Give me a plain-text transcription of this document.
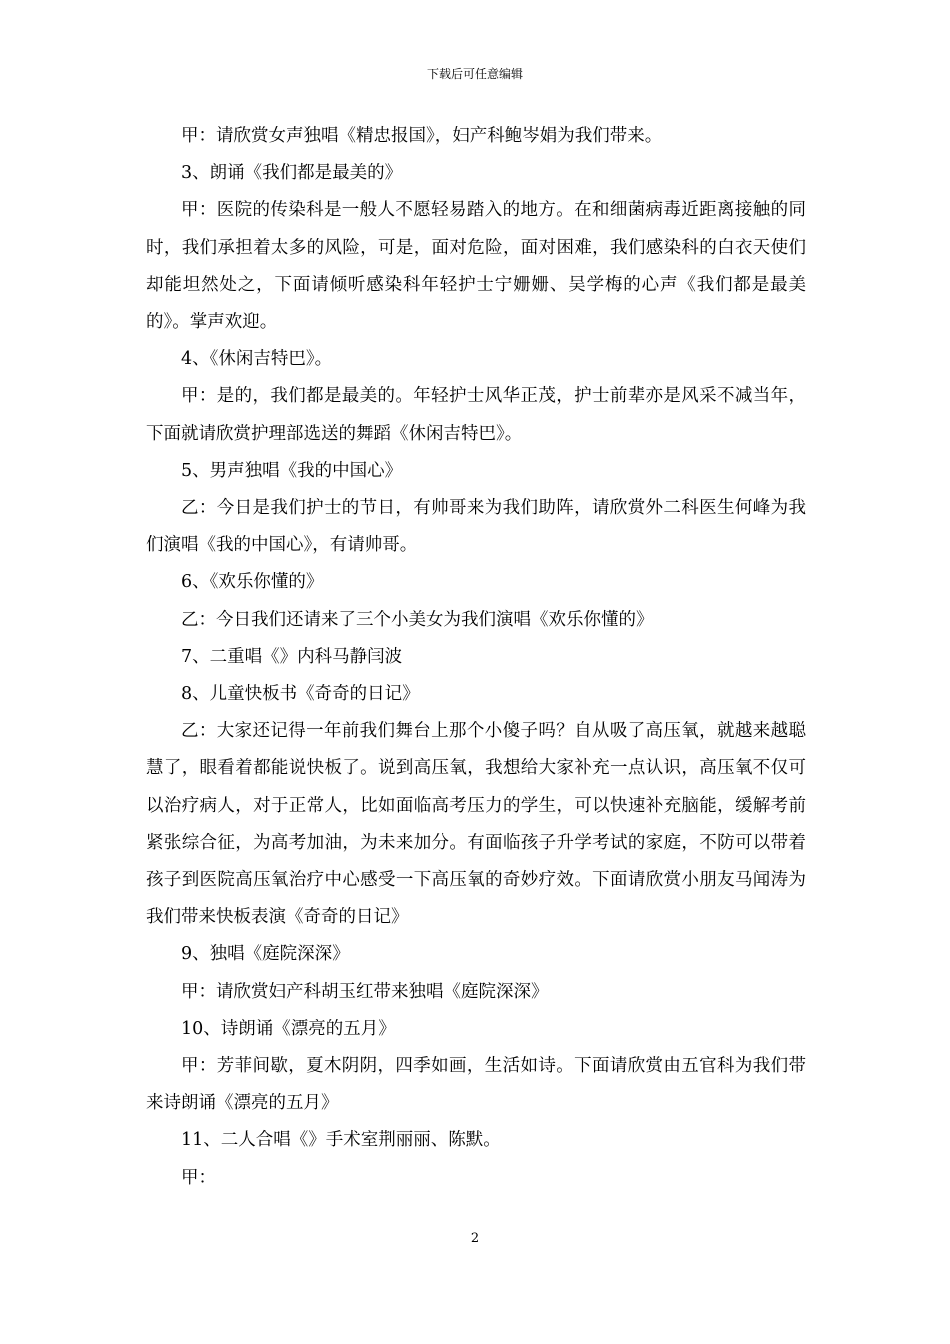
下载后可任意编辑

甲：请欣赏女声独唱《精忠报国》，妇产科鲍岑娟为我们带来。

3、朗诵《我们都是最美的》

甲：医院的传染科是一般人不愿轻易踏入的地方。在和细菌病毒近距离接触的同时，我们承担着太多的风险，可是，面对危险，面对困难，我们感染科的白衣天使们却能坦然处之，下面请倾听感染科年轻护士宁姗姗、吴学梅的心声《我们都是最美的》。掌声欢迎。

4、《休闲吉特巴》。

甲：是的，我们都是最美的。年轻护士风华正茂，护士前辈亦是风采不减当年，下面就请欣赏护理部选送的舞蹈《休闲吉特巴》。

5、男声独唱《我的中国心》

乙：今日是我们护士的节日，有帅哥来为我们助阵，请欣赏外二科医生何峰为我们演唱《我的中国心》，有请帅哥。

6、《欢乐你懂的》

乙：今日我们还请来了三个小美女为我们演唱《欢乐你懂的》

7、二重唱《》内科马静闫波

8、儿童快板书《奇奇的日记》

乙：大家还记得一年前我们舞台上那个小傻子吗？自从吸了高压氧，就越来越聪慧了，眼看着都能说快板了。说到高压氧，我想给大家补充一点认识，高压氧不仅可以治疗病人，对于正常人，比如面临高考压力的学生，可以快速补充脑能，缓解考前紧张综合征，为高考加油，为未来加分。有面临孩子升学考试的家庭，不防可以带着孩子到医院高压氧治疗中心感受一下高压氧的奇妙疗效。下面请欣赏小朋友马闻涛为我们带来快板表演《奇奇的日记》

9、独唱《庭院深深》

甲：请欣赏妇产科胡玉红带来独唱《庭院深深》

10、诗朗诵《漂亮的五月》

甲：芳菲间歇，夏木阴阴，四季如画，生活如诗。下面请欣赏由五官科为我们带来诗朗诵《漂亮的五月》

11、二人合唱《》手术室荆丽丽、陈默。

甲：

2
